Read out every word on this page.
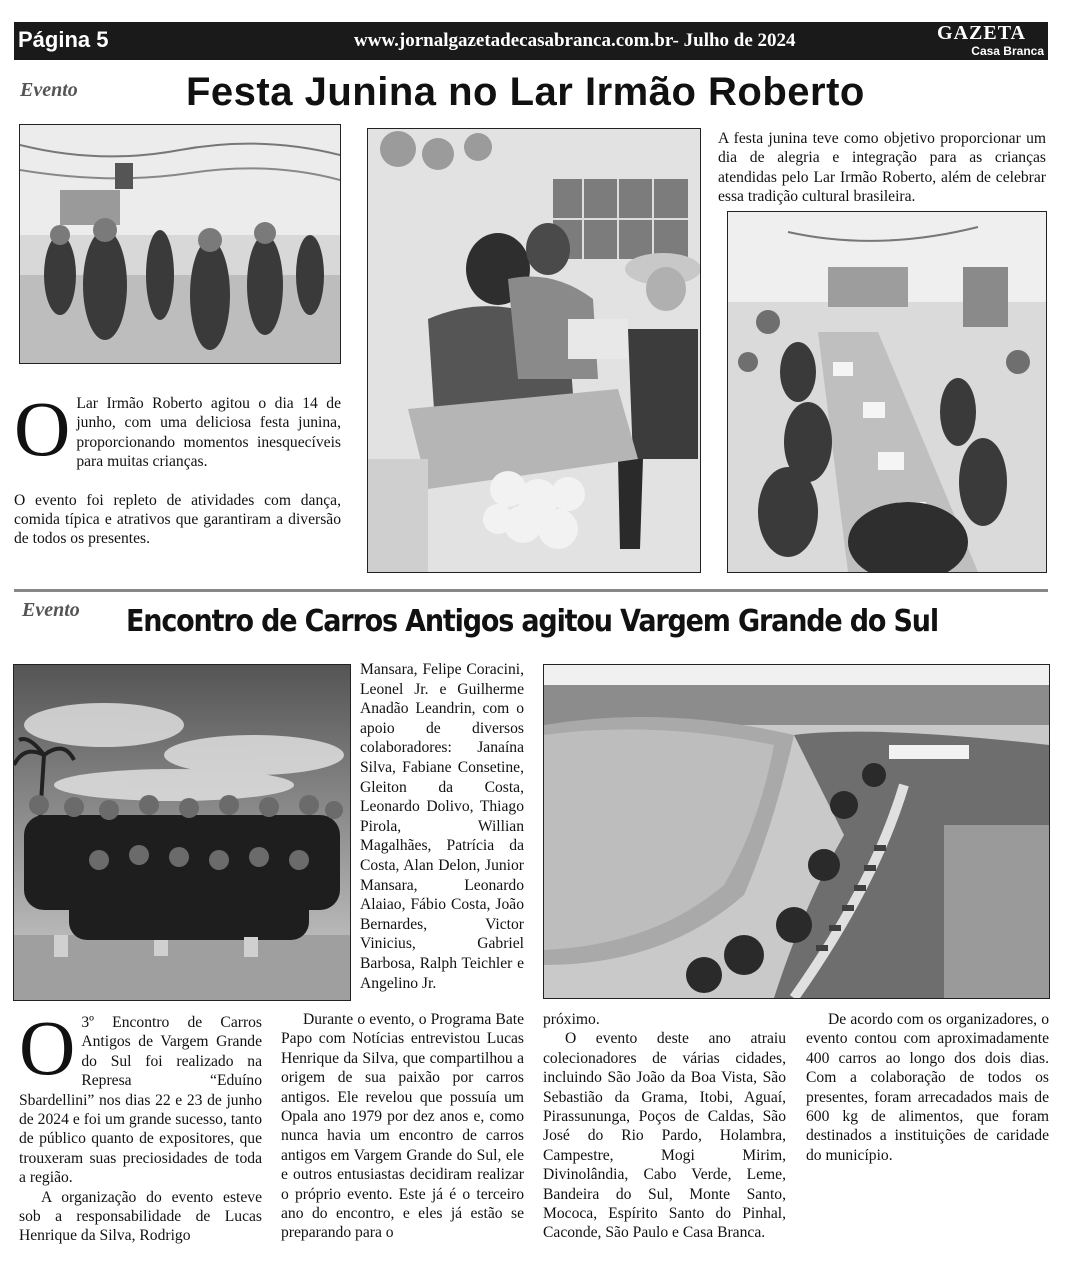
Página 5	www.jornalgazetadecasabranca.com.br- Julho de 2024	GAZETA
Casa Branca
Evento	Festa Junina no Lar Irmão Roberto

O Lar Irmão Roberto agitou o dia 14 de junho, com uma deliciosa festa junina, proporcionando momentos inesquecíveis para muitas crianças.

O evento foi repleto de atividades com dança, comida típica e atrativos que garantiram a diversão de todos os presentes.

A festa junina teve como objetivo proporcionar um dia de alegria e integração para as crianças atendidas pelo Lar Irmão Roberto, além de celebrar essa tradição cultural brasileira.
Evento Encontro de Carros Antigos agitou Vargem Grande do Sul
Mansara, Felipe Coracini, Leonel Jr. e Guilherme Anadão Leandrin, com o apoio de diversos colaboradores: Janaína Silva, Fabiane Consetine, Gleiton da Costa, Leonardo Dolivo, Thiago Pirola, Willian Magalhães, Patrícia da Costa, Alan Delon, Junior Mansara, Leonardo Alaiao, Fábio Costa, João Bernardes, Victor Vinicius, Gabriel Barbosa, Ralph Teichler e Angelino Jr.

O 3º Encontro de Carros Antigos de Vargem Grande do Sul foi realizado na Represa “Eduíno Sbardellini” nos dias 22 e 23 de junho de 2024 e foi um grande sucesso, tanto de público quanto de expositores, que trouxeram suas preciosidades de toda a região.

A organização do evento esteve sob a responsabilidade de Lucas Henrique da Silva, Rodrigo

Durante o evento, o Programa Bate Papo com Notícias entrevistou Lucas Henrique da Silva, que compartilhou a origem de sua paixão por carros antigos. Ele revelou que possuía um Opala ano 1979 por dez anos e, como nunca havia um encontro de carros antigos em Vargem Grande do Sul, ele e outros entusiastas decidiram realizar o próprio evento. Este já é o terceiro ano do encontro, e eles já estão se preparando para o

próximo.

O evento deste ano atraiu colecionadores de várias cidades, incluindo São João da Boa Vista, São Sebastião da Grama, Itobi, Aguaí, Pirassununga, Poços de Caldas, São José do Rio Pardo, Holambra, Campestre, Mogi Mirim, Divinolândia, Cabo Verde, Leme, Bandeira do Sul, Monte Santo, Mococa, Espírito Santo do Pinhal, Caconde, São Paulo e Casa Branca.

De acordo com os organizadores, o evento contou com aproximadamente 400 carros ao longo dos dois dias. Com a colaboração de todos os presentes, foram arrecadados mais de 600 kg de alimentos, que foram destinados a instituições de caridade do município.
